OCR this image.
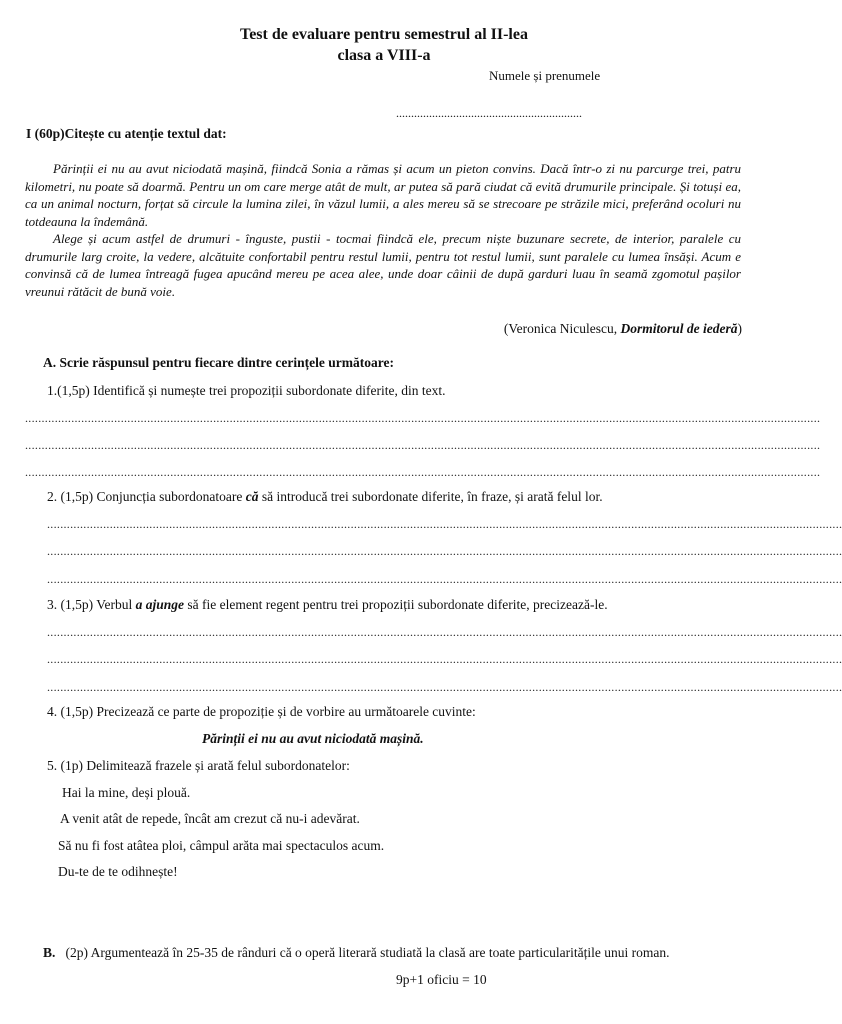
Test de evaluare pentru semestrul al II-lea
clasa a VIII-a
Numele și prenumele
..............................................................
I (60p)Citește cu atenție textul dat:

Părinții ei nu au avut niciodată mașină, fiindcă Sonia a rămas și acum un pieton convins. Dacă într-o zi nu parcurge trei, patru kilometri, nu poate să doarmă. Pentru un om care merge atât de mult, ar putea să pară ciudat că evită drumurile principale. Și totuși ea, ca un animal nocturn, forțat să circule la lumina zilei, în văzul lumii, a ales mereu să se strecoare pe străzile mici, preferând ocoluri nu totdeauna la îndemână.

Alege și acum astfel de drumuri - înguste, pustii - tocmai fiindcă ele, precum niște buzunare secrete, de interior, paralele cu drumurile larg croite, la vedere, alcătuite confortabil pentru restul lumii, pentru tot restul lumii, sunt paralele cu lumea însăși. Acum e convinsă că de lumea întreagă fugea apucând mereu pe acea alee, unde doar câinii de după garduri luau în seamă zgomotul pașilor vreunui rătăcit de bună voie.

(Veronica Niculescu, Dormitorul de iederă)
A. Scrie răspunsul pentru fiecare dintre cerințele următoare:
1.(1,5p) Identifică și numește trei propoziții subordonate diferite, din text.
.................................................................................................................................................................................................................................................
.................................................................................................................................................................................................................................................
.................................................................................................................................................................................................................................................
2. (1,5p) Conjuncția subordonatoare că să introducă trei subordonate diferite, în fraze, și arată felul lor.
.................................................................................................................................................................................................................................................
.................................................................................................................................................................................................................................................
.................................................................................................................................................................................................................................................
3. (1,5p) Verbul a ajunge să fie element regent pentru trei propoziții subordonate diferite, precizează-le.
.................................................................................................................................................................................................................................................
.................................................................................................................................................................................................................................................
.................................................................................................................................................................................................................................................
4. (1,5p) Precizează ce parte de propoziție și de vorbire au următoarele cuvinte:
Părinții ei nu au avut niciodată mașină.
5. (1p) Delimitează frazele și arată felul subordonatelor:
Hai la mine, deși plouă.
A venit atât de repede, încât am crezut că nu-i adevărat.
Să nu fi fost atâtea ploi, câmpul arăta mai spectaculos acum.
Du-te de te odihnește!
B. (2p) Argumentează în 25-35 de rânduri că o operă literară studiată la clasă are toate particularitățile unui roman.
9p+1 oficiu = 10
